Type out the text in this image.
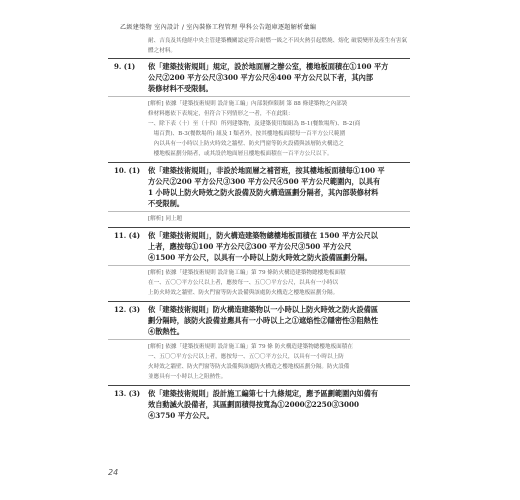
乙級建築物 室內設計 / 室內裝修工程管理 學科公告題庫逐題解析彙編
耐、吉良及其他經中央主管建築機關認定符合耐燃一級之不因火熱引起燃燒、熔化 破裂變形及產生有害氣體之材料。
9. (1)	依「建築技術規則」規定，設於地面層之辦公室，樓地板面積在①100 平方
公尺②200 平方公尺③300 平方公尺④400 平方公尺以下者，其內部
裝修材料不受限制。
[解析] 依據「建築技術規則 設計施工編」內部裝修限制 第 88 條建築物之內部裝
修材料應依下表規定，但符合下列情形之一者，不在此限：
一、除下表（十）至（十四）所列建築物，及建築使用類組為 B-1(餐飲場所)、B-2(商
　場百貨)、B-3(餐飲場所) 組及 I 類者外，按其樓地板面積每一百平方公尺範圍
　內以具有一小時以上防火時效之牆壁、防火門窗等防火設備與該層防火構造之
　樓地板區劃分隔者，或其設於地面層且樓地板面積在一百平方公尺以下。
10. (1)	依「建築技術規則」，非設於地面層之補習班，按其樓地板面積每①100 平
方公尺②200 平方公尺③300 平方公尺④500 平方公尺範圍內，以具有
1 小時以上防火時效之防火設備及防火構造區劃分隔者，其內部裝修材料
不受限制。
[解析] 同上題
11. (4)	依「建築技術規則」，防火構造建築物總樓地板面積在 1500 平方公尺以
上者，應按每①100 平方公尺②300 平方公尺③500 平方公尺
④1500 平方公尺，以具有一小時以上防火時效之防火設備區劃分隔。
[解析] 依據「建築技術規則 設計施工編」第 79 條防火構造建築物總樓地板面積
在一、五〇〇平方公尺以上者，應按每一、五〇〇平方公尺，以具有一小時以
上防火時效之牆壁、防火門窗等防火設備與該處防火構造之樓地板區劃分隔。
12. (3)	依「建築技術規則」防火構造建築物以一小時以上防火時效之防火設備區
劃分隔時，該防火設備並應具有一小時以上之①遮焰性②隱密性③阻熱性
④散熱性。
[解析] 依據「建築技術規則 設計施工編」第 79 條 防火構造建築物總樓地板面積在
一、五〇〇平方公尺以上者，應按每一、五〇〇平方公尺，以具有一小時以上防
火時效之牆壁、防火門窗等防火設備與該處防火構造之樓地板區劃分隔。防火設備
並應具有一小時以上之阻熱性。
13. (3)	依「建築技術規則」設計施工編第七十九條規定，應予區劃範圍內如備有
效自動滅火設備者，其區劃面積得按寬為①2000②2250③3000
④3750 平方公尺。
24
